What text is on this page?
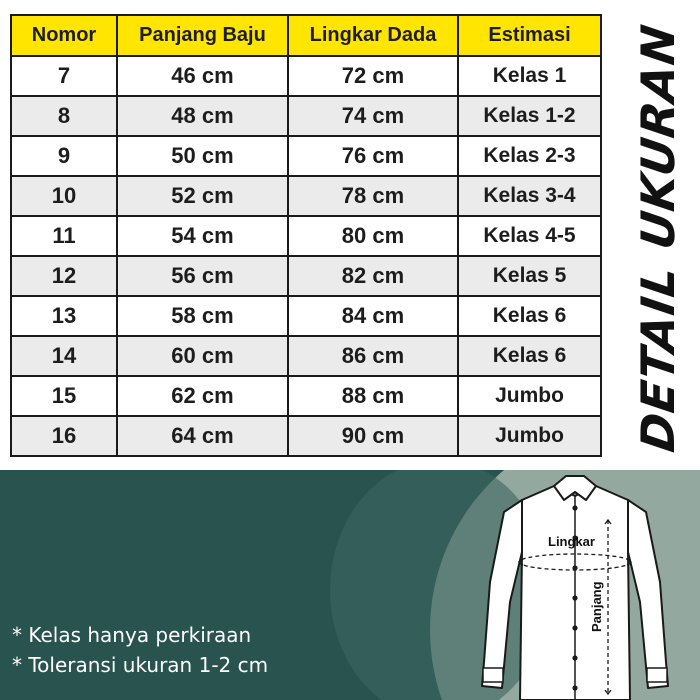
Nomor	Panjang Baju	Lingkar Dada	Estimasi
7	46 cm	72 cm	Kelas 1
8	48 cm	74 cm	Kelas 1-2
9	50 cm	76 cm	Kelas 2-3
10	52 cm	78 cm	Kelas 3-4
11	54 cm	80 cm	Kelas 4-5
12	56 cm	82 cm	Kelas 5
13	58 cm	84 cm	Kelas 6
14	60 cm	86 cm	Kelas 6
15	62 cm	88 cm	Jumbo
16	64 cm	90 cm	Jumbo DETAIL UKURAN
* Kelas hanya perkiraan
* Toleransi ukuran 1-2 cm
Lingkar
Panjang
